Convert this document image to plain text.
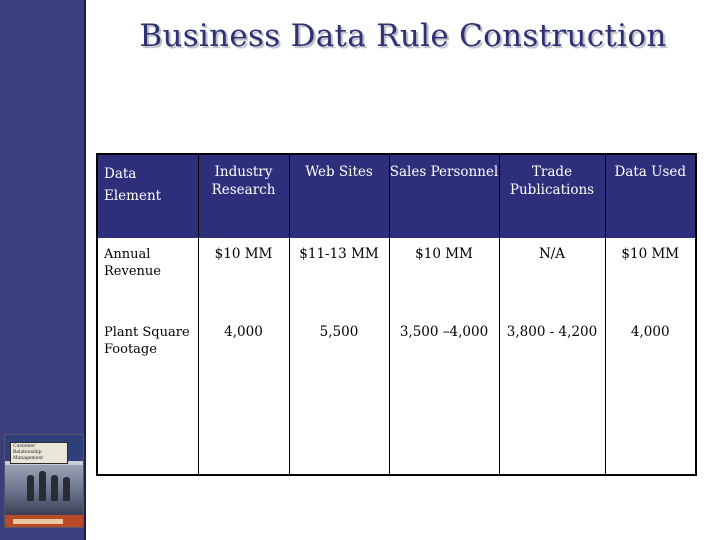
Customer Relationship Management
Business Data Rule Construction
Data Element	Industry Research	Web Sites	Sales Personnel	Trade Publications	Data Used
Annual Revenue	$10 MM	$11-13 MM	$10 MM	N/A	$10 MM
Plant Square Footage	4,000	5,500	3,500 –4,000	3,800 - 4,200	4,000
